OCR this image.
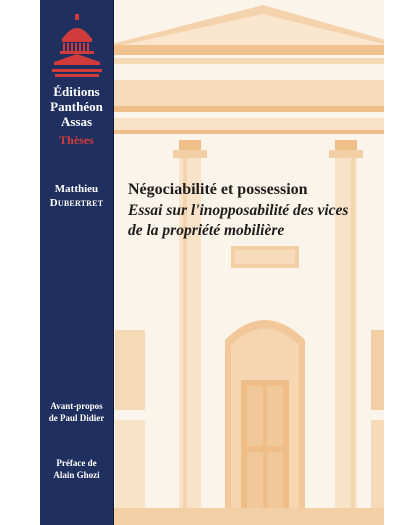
Éditions
Panthéon
Assas
Thèses
Matthieu
Dubertret
Avant-propos
de Paul Didier
Préface de
Alain Ghozi
Négociabilité et possession
Essai sur l'inopposabilité des vices
de la propriété mobilière
